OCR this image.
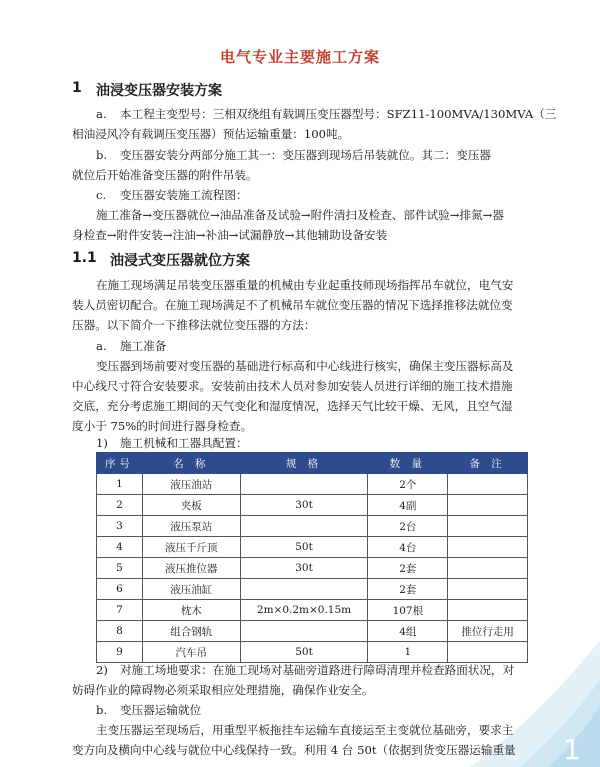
电气专业主要施工方案
1 油浸变压器安装方案
a. 本工程主变型号：三相双绕组有载调压变压器型号：SFZ11-100MVA/130MVA（三
相油浸风冷有载调压变压器）预估运输重量：100吨。
b. 变压器安装分两部分施工其一：变压器到现场后吊装就位。其二：变压器
就位后开始准备变压器的附件吊装。
c. 变压器安装施工流程图：
施工准备→变压器就位→油品准备及试验→附件清扫及检查、部件试验→排氮→器
身检查→附件安装→注油→补油→试漏静放→其他辅助设备安装
1.1 油浸式变压器就位方案
在施工现场满足吊装变压器重量的机械由专业起重技师现场指挥吊车就位，电气安
装人员密切配合。在施工现场满足不了机械吊车就位变压器的情况下选择推移法就位变
压器。以下简介一下推移法就位变压器的方法：
a. 施工准备
变压器到场前要对变压器的基础进行标高和中心线进行核实，确保主变压器标高及
中心线尺寸符合安装要求。安装前由技术人员对参加安装人员进行详细的施工技术措施
交底，充分考虑施工期间的天气变化和湿度情况，选择天气比较干燥、无风，且空气湿
度小于 75%的时间进行器身检查。
1) 施工机械和工器具配置：
序号	名 称	规 格	数 量	备 注
1	液压油站		2个	
2	夹板	30t	4副	
3	液压泵站		2台	
4	液压千斤顶	50t	4台	
5	液压推位器	30t	2套	
6	液压油缸		2套	
7	枕木	2m×0.2m×0.15m	107根	
8	组合钢轨		4组	推位行走用
9	汽车吊	50t	1	
2) 对施工场地要求：在施工现场对基础旁道路进行障碍清理并检查路面状况，对
妨碍作业的障碍物必须采取相应处理措施，确保作业安全。
b. 变压器运输就位
主变压器运至现场后，用重型平板拖挂车运输车直接运至主变就位基础旁，要求主
变方向及横向中心线与就位中心线保持一致。利用 4 台 50t（依据到货变压器运输重量 1
